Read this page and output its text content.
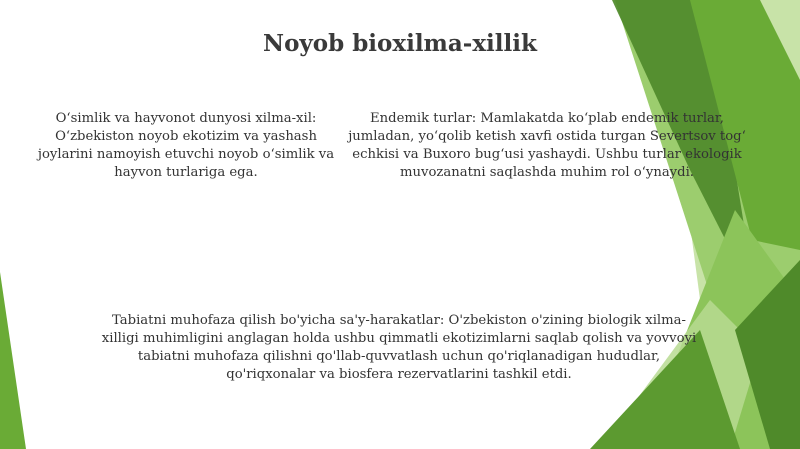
Noyob bioxilma-xillik
O‘simlik va hayvonot dunyosi xilma-xil: O‘zbekiston noyob ekotizim va yashash joylarini namoyish etuvchi noyob o‘simlik va hayvon turlariga ega.
Endemik turlar: Mamlakatda ko‘plab endemik turlar, jumladan, yo‘qolib ketish xavfi ostida turgan Severtsov tog‘ echkisi va Buxoro bug‘usi yashaydi. Ushbu turlar ekologik muvozanatni saqlashda muhim rol o‘ynaydi.
Tabiatni muhofaza qilish bo'yicha sa'y-harakatlar: O'zbekiston o'zining biologik xilma-xilligi muhimligini anglagan holda ushbu qimmatli ekotizimlarni saqlab qolish va yovvoyi tabiatni muhofaza qilishni qo'llab-quvvatlash uchun qo'riqlanadigan hududlar, qo'riqxonalar va biosfera rezervatlarini tashkil etdi.
